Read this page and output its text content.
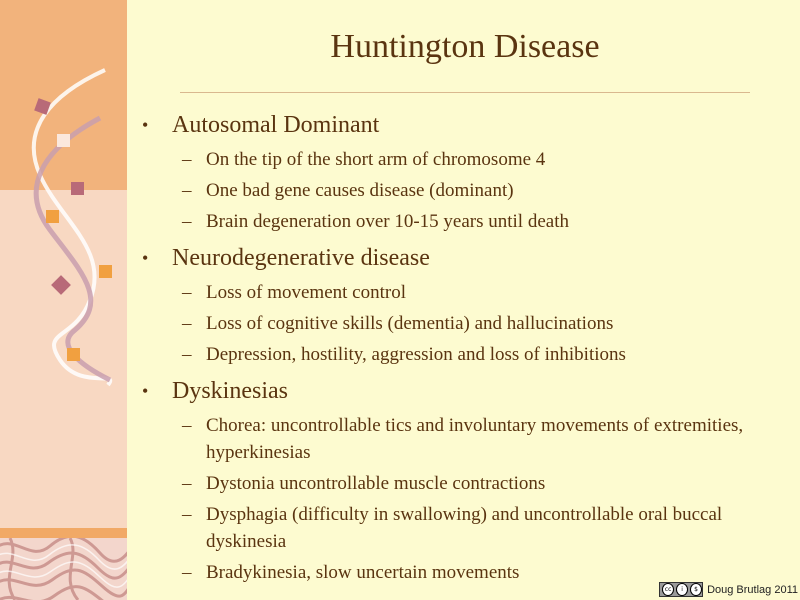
Huntington Disease
• Autosomal Dominant
– On the tip of the short arm of chromosome 4
– One bad gene causes disease (dominant)
– Brain degeneration over 10-15 years until death
• Neurodegenerative disease
– Loss of movement control
– Loss of cognitive skills (dementia) and hallucinations
– Depression, hostility, aggression and loss of inhibitions
• Dyskinesias
– Chorea: uncontrollable tics and involuntary movements of extremities, hyperkinesias
– Dystonia uncontrollable muscle contractions
– Dysphagia (difficulty in swallowing) and uncontrollable oral buccal dyskinesia
– Bradykinesia, slow uncertain movements
cc	i	$ Doug Brutlag 2011
